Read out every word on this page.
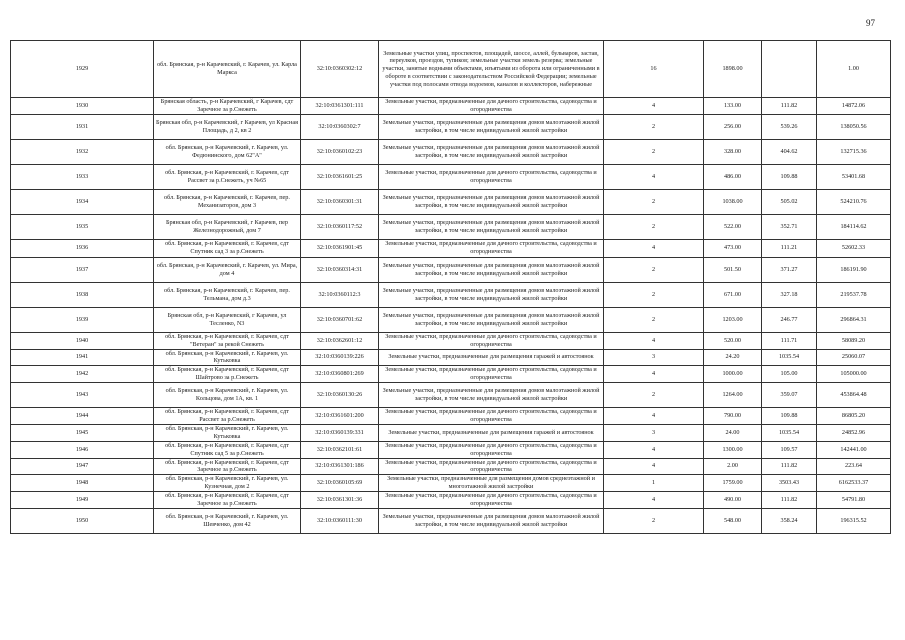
97
1929	обл. Брянская, р-н Карачевский, г. Карачев, ул. Карла Маркса	32:10:0360302:12	Земельные участки улиц, проспектов, площадей, шоссе, аллей, бульваров, застав, переулков, проездов, тупиков; земельные участки земель резерва; земельные участки, занятые водными объектами, изъятыми из оборота или ограниченными в обороте в соответствии с законодательством Российской Федерации; земельные участки под полосами отвода водоемов, каналов и коллекторов, набережные	16	1898.00		1.00
1930	Брянская область, р-н Карачевский, г Карачев, сдт Заречное за р.Снежеть	32:10:0361301:111	Земельные участки, предназначенные для дачного строительства, садоводства и огородничества	4	133.00	111.82	14872.06
1931	Брянская обл, р-н Карачевский, г Карачев, ул Красная Площадь, д 2, кв 2	32:10:0360302:7	Земельные участки, предназначенные для размещения домов малоэтажной жилой застройки, в том числе индивидуальной жилой застройки	2	256.00	539.26	138050.56
1932	обл. Брянская, р-н Карачевский, г. Карачев, ул. Федюнинского, дом 62"А"	32:10:0360102:23	Земельные участки, предназначенные для размещения домов малоэтажной жилой застройки, в том числе индивидуальной жилой застройки	2	328.00	404.62	132715.36
1933	обл. Брянская, р-н Карачевский, г. Карачев, сдт Рассвет за р.Снежеть, уч №65	32:10:0361601:25	Земельные участки, предназначенные для дачного строительства, садоводства и огородничества	4	486.00	109.88	53401.68
1934	обл. Брянская, р-н Карачевский, г. Карачев, пер. Механизаторов, дом 3	32:10:0360301:31	Земельные участки, предназначенные для размещения домов малоэтажной жилой застройки, в том числе индивидуальной жилой застройки	2	1038.00	505.02	524210.76
1935	Брянская обл, р-н Карачевский, г Карачев, пер Железнодорожный, дом 7	32:10:0360117:52	Земельные участки, предназначенные для размещения домов малоэтажной жилой застройки, в том числе индивидуальной жилой застройки	2	522.00	352.71	184114.62
1936	обл. Брянская, р-н Карачевский, г. Карачев, сдт Спутник сад 3 за р.Снежеть	32:10:0361901:45	Земельные участки, предназначенные для дачного строительства, садоводства и огородничества	4	473.00	111.21	52602.33
1937	обл. Брянская, р-н Карачевский, г. Карачев, ул. Мира, дом 4	32:10:0360314:31	Земельные участки, предназначенные для размещения домов малоэтажной жилой застройки, в том числе индивидуальной жилой застройки	2	501.50	371.27	186191.90
1938	обл. Брянская, р-н Карачевский, г. Карачев, пер. Тельмана, дом д.3	32:10:0360112:3	Земельные участки, предназначенные для размещения домов малоэтажной жилой застройки, в том числе индивидуальной жилой застройки	2	671.00	327.18	219537.78
1939	Брянская обл, р-н Карачевский, г Карачев, ул Тесленко, N3	32:10:0360701:62	Земельные участки, предназначенные для размещения домов малоэтажной жилой застройки, в том числе индивидуальной жилой застройки	2	1203.00	246.77	296864.31
1940	обл. Брянская, р-н Карачевский, г. Карачев, сдт "Ветеран" за рекой Снежеть	32:10:0362601:12	Земельные участки, предназначенные для дачного строительства, садоводства и огородничества	4	520.00	111.71	58089.20
1941	обл. Брянская, р-н Карачевский, г. Карачев, ул. Кутьковка	32:10:0360139:226	Земельные участки, предназначенные для размещения гаражей и автостоянок	3	24.20	1035.54	25060.07
1942	обл. Брянская, р-н Карачевский, г. Карачев, сдт Шайтрово за р.Снежеть	32:10:0360801:269	Земельные участки, предназначенные для дачного строительства, садоводства и огородничества	4	1000.00	105.00	105000.00
1943	обл. Брянская, р-н Карачевский, г. Карачев, ул. Кольцова, дом 1А, кв. 1	32:10:0360130:26	Земельные участки, предназначенные для размещения домов малоэтажной жилой застройки, в том числе индивидуальной жилой застройки	2	1264.00	359.07	453864.48
1944	обл. Брянская, р-н Карачевский, г. Карачев, сдт Рассвет за р.Снежеть	32:10:0361601:200	Земельные участки, предназначенные для дачного строительства, садоводства и огородничества	4	790.00	109.88	86805.20
1945	обл. Брянская, р-н Карачевский, г. Карачев, ул. Кутьковка	32:10:0360139:331	Земельные участки, предназначенные для размещения гаражей и автостоянок	3	24.00	1035.54	24852.96
1946	обл. Брянская, р-н Карачевский, г. Карачев, сдт Спутник сад 5 за р.Снежеть	32:10:0362101:61	Земельные участки, предназначенные для дачного строительства, садоводства и огородничества	4	1300.00	109.57	142441.00
1947	обл. Брянская, р-н Карачевский, г. Карачев, сдт Заречное за р.Снежеть	32:10:0361301:186	Земельные участки, предназначенные для дачного строительства, садоводства и огородничества	4	2.00	111.82	223.64
1948	обл. Брянская, р-н Карачевский, г. Карачев, ул. Кузнечная, дом 2	32:10:0360105:69	Земельные участки, предназначенные для размещения домов среднеэтажной и многоэтажной жилой застройки	1	1759.00	3503.43	6162533.37
1949	обл. Брянская, р-н Карачевский, г. Карачев, сдт Заречное за р.Снежеть	32:10:0361301:36	Земельные участки, предназначенные для дачного строительства, садоводства и огородничества	4	490.00	111.82	54791.80
1950	обл. Брянская, р-н Карачевский, г. Карачев, ул. Шевченко, дом 42	32:10:0360111:30	Земельные участки, предназначенные для размещения домов малоэтажной жилой застройки, в том числе индивидуальной жилой застройки	2	548.00	358.24	196315.52
